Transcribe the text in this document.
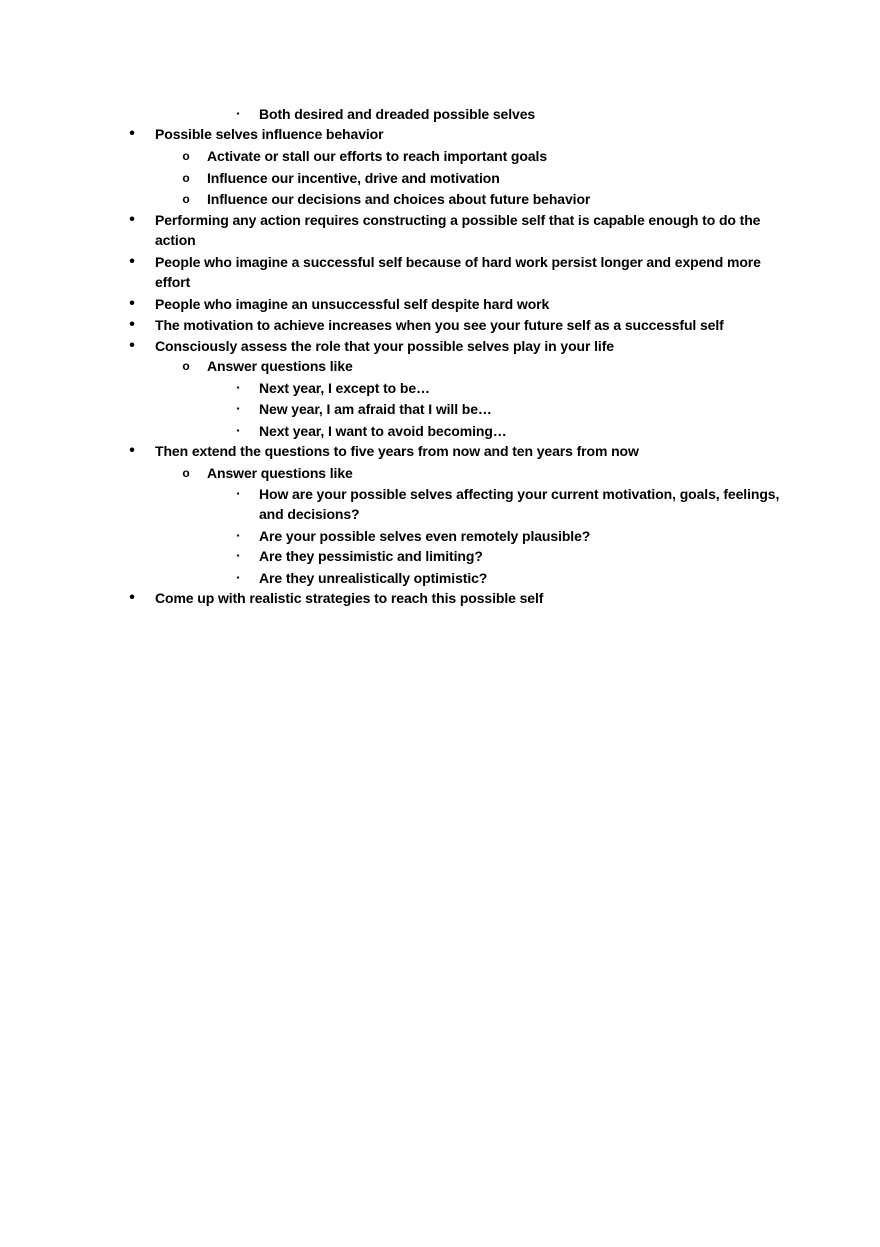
▪	Both desired and dreaded possible selves
•	Possible selves influence behavior
o Activate or stall our efforts to reach important goals
o Influence our incentive, drive and motivation
o Influence our decisions and choices about future behavior
•	Performing any action requires constructing a possible self that is capable enough to do the
action
•	People who imagine a successful self because of hard work persist longer and expend more
effort
•	People who imagine an unsuccessful self despite hard work
•	The motivation to achieve increases when you see your future self as a successful self
•	Consciously assess the role that your possible selves play in your life
o Answer questions like
▪	Next year, I except to be…
▪	New year, I am afraid that I will be…
▪	Next year, I want to avoid becoming…
•	Then extend the questions to five years from now and ten years from now
o Answer questions like
▪	How are your possible selves affecting your current motivation, goals, feelings,
and decisions?
▪	Are your possible selves even remotely plausible?
▪	Are they pessimistic and limiting?
▪	Are they unrealistically optimistic?
•	Come up with realistic strategies to reach this possible self
